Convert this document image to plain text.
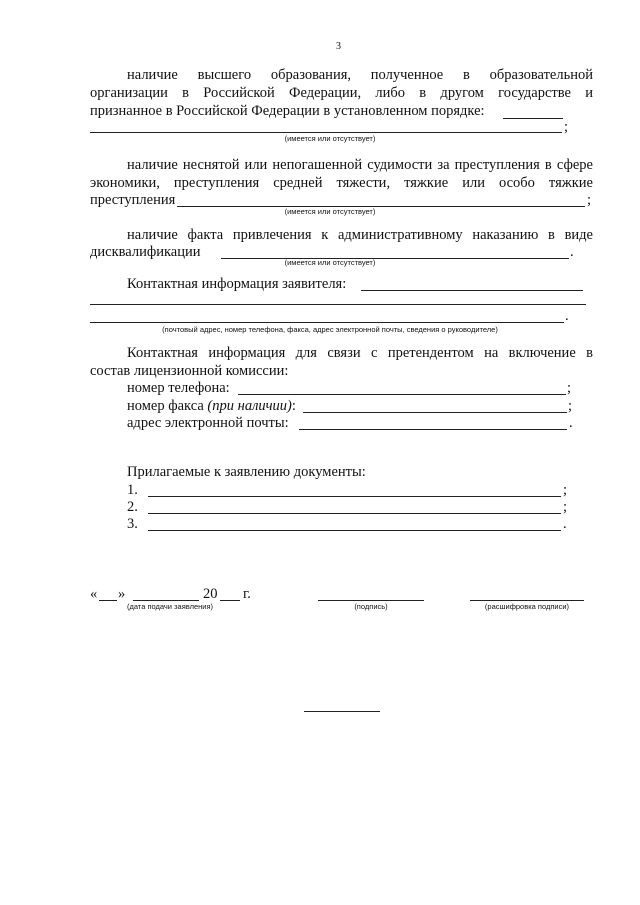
3
наличие высшего образования, полученное в образовательной
организации в Российской Федерации, либо в другом государстве и
признанное в Российской Федерации в установленном порядке:
;
(имеется или отсутствует)
наличие неснятой или непогашенной судимости за преступления в сфере
экономики, преступления средней тяжести, тяжкие или особо тяжкие
преступления	;
(имеется или отсутствует)
наличие факта привлечения к административному наказанию в виде
дисквалификации	.
(имеется или отсутствует)
Контактная информация заявителя:
.
(почтовый адрес, номер телефона, факса, адрес электронной почты, сведения о руководителе)
Контактная информация для связи с претендентом на включение в
состав лицензионной комиссии:
номер телефона:	;
номер факса (при наличии):	;
адрес электронной почты:	.
Прилагаемые к заявлению документы:
1.	;
2.	;
3.	.
« »	20 г.
(дата подачи заявления)	(подпись)	(расшифровка подписи)
